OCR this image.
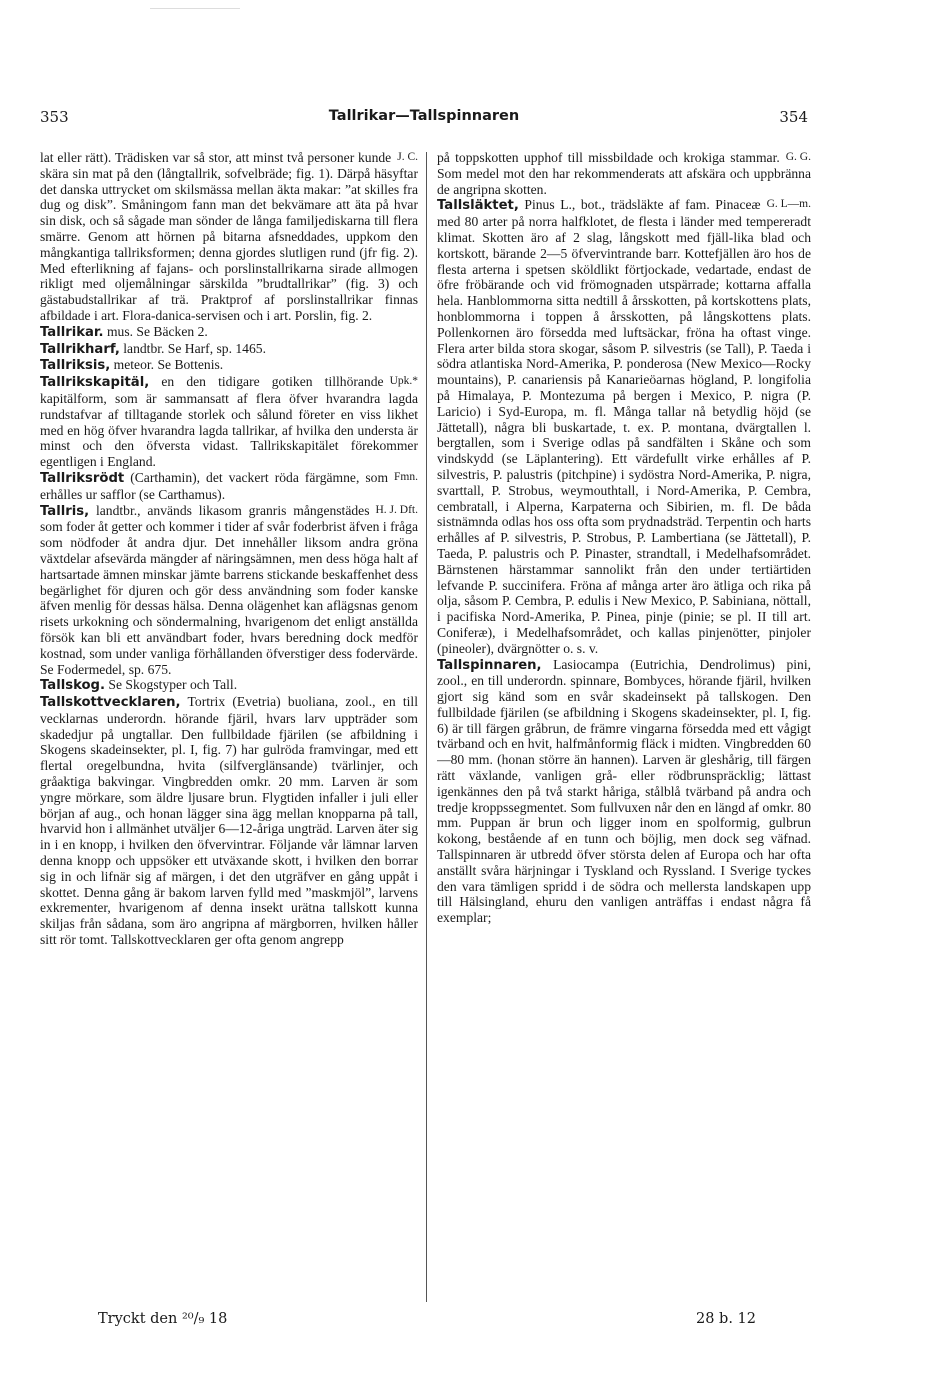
353	Tallrikar—Tallspinnaren	354

J. C.
lat eller rätt). Trädisken var så stor, att minst två personer kunde skära sin mat på den (långtallrik, sofvelbräde; fig. 1). Därpå häsyftar det danska uttrycket om skilsmässa mellan äkta makar: ”at skilles fra dug og disk”. Småningom fann man det bekvämare att äta på hvar sin disk, och så sågade man sönder de långa familjediskarna till flera smärre. Genom att hörnen på bitarna afsneddades, uppkom den mångkantiga tallriksformen; denna gjordes slutligen rund (jfr fig. 2). Med efterlikning af fajans- och porslinstallrikarna sirade allmogen rikligt med oljemålningar särskilda ”brudtallrikar” (fig. 3) och gästabudstallrikar af trä. Praktprof af porslinstallrikar finnas afbildade i art. Flora-danica-servisen och i art. Porslin, fig. 2.

Tallrikar. mus. Se Bäcken 2.

Tallrikharf, landtbr. Se Harf, sp. 1465.

Tallriksis, meteor. Se Bottenis.

Upk.*
Tallrikskapitäl, en den tidigare gotiken tillhörande kapitälform, som är sammansatt af flera öfver hvarandra lagda rundstafvar af tilltagande storlek och sålund företer en viss likhet med en hög öfver hvarandra lagda tallrikar, af hvilka den understa är minst och den öfversta vidast. Tallrikskapitälet förekommer egentligen i England.

Fmn.
Tallriksrödt (Carthamin), det vackert röda färgämne, som erhålles ur safflor (se Carthamus).

H. J. Dft.
Tallris, landtbr., används likasom granris mångenstädes som foder åt getter och kommer i tider af svår foderbrist äfven i fråga som nödfoder åt andra djur. Det innehåller liksom andra gröna växtdelar afsevärda mängder af näringsämnen, men dess höga halt af hartsartade ämnen minskar jämte barrens stickande beskaffenhet dess begärlighet för djuren och gör dess användning som foder kanske äfven menlig för dessas hälsa. Denna olägenhet kan aflägsnas genom risets urkokning och söndermalning, hvarigenom det enligt anställda försök kan bli ett användbart foder, hvars beredning dock medför kostnad, som under vanliga förhållanden öfverstiger dess fodervärde. Se Fodermedel, sp. 675.

Tallskog. Se Skogstyper och Tall.

Tallskottvecklaren, Tortrix (Evetria) buoliana, zool., en till vecklarnas underordn. hörande fjäril, hvars larv uppträder som skadedjur på ungtallar. Den fullbildade fjärilen (se afbildning i Skogens skadeinsekter, pl. I, fig. 7) har gulröda framvingar, med ett flertal oregelbundna, hvita (silfverglänsande) tvärlinjer, och gråaktiga bakvingar. Vingbredden omkr. 20 mm. Larven är som yngre mörkare, som äldre ljusare brun. Flygtiden infaller i juli eller början af aug., och honan lägger sina ägg mellan knopparna på tall, hvarvid hon i allmänhet utväljer 6—12-åriga ungträd. Larven äter sig in i en knopp, i hvilken den öfvervintrar. Följande vår lämnar larven denna knopp och uppsöker ett utväxande skott, i hvilken den borrar sig in och lifnär sig af märgen, i det den utgräfver en gång uppåt i skottet. Denna gång är bakom larven fylld med ”maskmjöl”, larvens exkrementer, hvarigenom af denna insekt urätna tallskott kunna skiljas från sådana, som äro angripna af märgborren, hvilken håller sitt rör tomt. Tallskottvecklaren ger ofta genom angrepp

G. G.
på toppskotten upphof till missbildade och krokiga stammar. Som medel mot den har rekommenderats att afskära och uppbränna de angripna skotten.

G. L—m.
Tallsläktet, Pinus L., bot., trädsläkte af fam. Pinaceæ med 80 arter på norra halfklotet, de flesta i länder med tempereradt klimat. Skotten äro af 2 slag, långskott med fjäll-lika blad och kortskott, bärande 2—5 öfvervintrande barr. Kottefjällen äro hos de flesta arterna i spetsen sköldlikt förtjockade, vedartade, endast de öfre fröbärande och vid frömognaden utspärrade; kottarna affalla hela. Hanblommorna sitta nedtill å årsskotten, på kortskottens plats, honblommorna i toppen å årsskotten, på långskottens plats. Pollenkornen äro försedda med luftsäckar, fröna ha oftast vinge. Flera arter bilda stora skogar, såsom P. silvestris (se Tall), P. Taeda i södra atlantiska Nord-Amerika, P. ponderosa (New Mexico—Rocky mountains), P. canariensis på Kanarieöarnas högland, P. longifolia på Himalaya, P. Montezuma på bergen i Mexico, P. nigra (P. Laricio) i Syd-Europa, m. fl. Många tallar nå betydlig höjd (se Jättetall), några bli buskartade, t. ex. P. montana, dvärgtallen l. bergtallen, som i Sverige odlas på sandfälten i Skåne och som vindskydd (se Läplantering). Ett värdefullt virke erhålles af P. silvestris, P. palustris (pitchpine) i sydöstra Nord-Amerika, P. nigra, svarttall, P. Strobus, weymouthtall, i Nord-Amerika, P. Cembra, cembratall, i Alperna, Karpaterna och Sibirien, m. fl. De båda sistnämnda odlas hos oss ofta som prydnadsträd. Terpentin och harts erhålles af P. silvestris, P. Strobus, P. Lambertiana (se Jättetall), P. Taeda, P. palustris och P. Pinaster, strandtall, i Medelhafsområdet. Bärnstenen härstammar sannolikt från den under tertiärtiden lefvande P. succinifera. Fröna af många arter äro ätliga och rika på olja, såsom P. Cembra, P. edulis i New Mexico, P. Sabiniana, nöttall, i pacifiska Nord-Amerika, P. Pinea, pinje (pinie; se pl. II till art. Coniferæ), i Medelhafsområdet, och kallas pinjenötter, pinjoler (pineoler), dvärgnötter o. s. v.

Tallspinnaren, Lasiocampa (Eutrichia, Dendrolimus) pini, zool., en till underordn. spinnare, Bombyces, hörande fjäril, hvilken gjort sig känd som en svår skadeinsekt på tallskogen. Den fullbildade fjärilen (se afbildning i Skogens skadeinsekter, pl. I, fig. 6) är till färgen gråbrun, de främre vingarna försedda med ett vågigt tvärband och en hvit, halfmånformig fläck i midten. Vingbredden 60—80 mm. (honan större än hannen). Larven är gleshårig, till färgen rätt växlande, vanligen grå- eller rödbrunspräcklig; lättast igenkännes den på två starkt håriga, stålblå tvärband på andra och tredje kroppssegmentet. Som fullvuxen når den en längd af omkr. 80 mm. Puppan är brun och ligger inom en spolformig, gulbrun kokong, bestående af en tunn och böjlig, men dock seg väfnad. Tallspinnaren är utbredd öfver största delen af Europa och har ofta anställt svåra härjningar i Tyskland och Ryssland. I Sverige tyckes den vara tämligen spridd i de södra och mellersta landskapen upp till Hälsingland, ehuru den vanligen anträffas i endast några få exemplar;

Tryckt den ²⁰/₉ 18	28 b. 12
